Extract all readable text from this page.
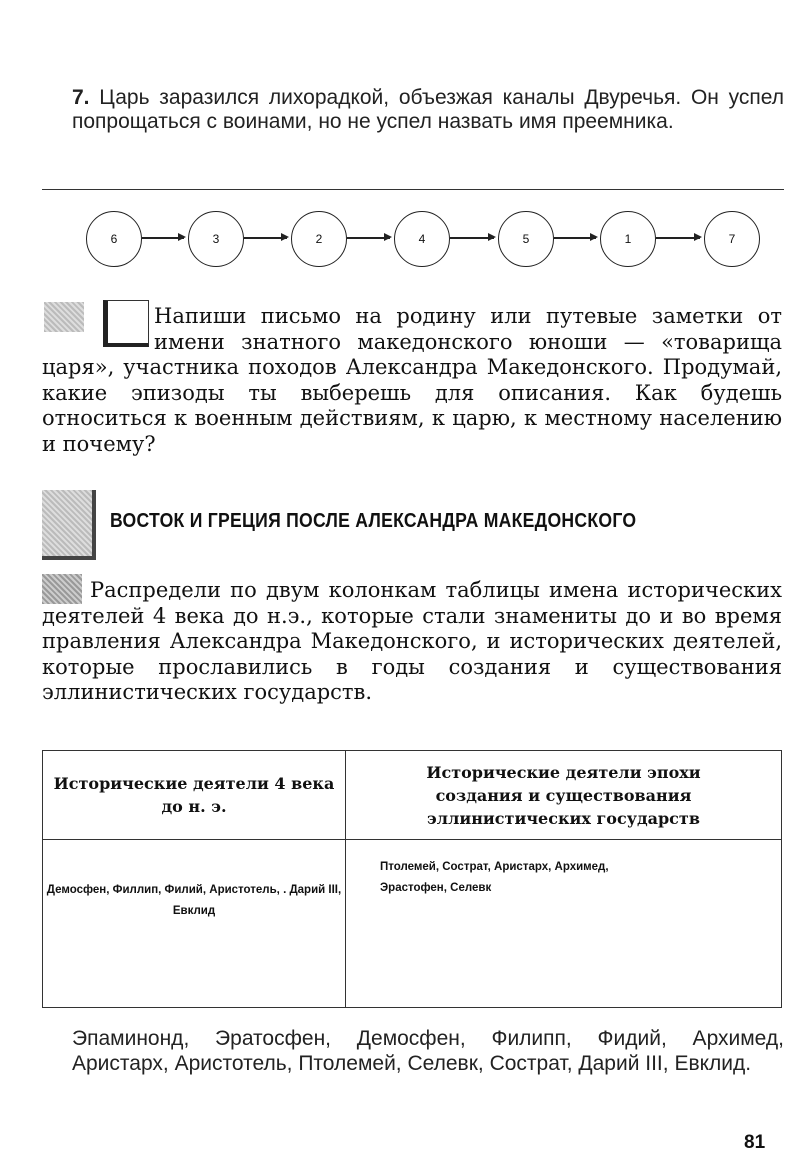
7. Царь заразился лихорадкой, объезжая каналы Двуречья. Он успел попрощаться с воинами, но не успел назвать имя преемника.
6	3	2	4	5	1	7
Напиши письмо на родину или путевые заметки от имени знатного македонского юноши — «товарища царя», участника походов Александра Македонского. Продумай, какие эпизоды ты выберешь для описания. Как будешь относиться к военным действиям, к царю, к местному населению и почему?
ВОСТОК И ГРЕЦИЯ ПОСЛЕ АЛЕКСАНДРА МАКЕДОНСКОГО
Распредели по двум колонкам таблицы имена исторических деятелей 4 века до н.э., которые стали знамениты до и во время правления Александра Македонского, и исторических деятелей, которые прославились в годы создания и существования эллинистических государств.
Исторические деятели 4 века до н. э.	Исторические деятели эпохи создания и существования эллинистических государств
Демосфен, Филлип, Филий, Аристотель, . Дарий III, Евклид	Птолемей, Сострат, Аристарх, Архимед, Эрастофен, Селевк
Эпаминонд, Эратосфен, Демосфен, Филипп, Фидий, Архимед, Аристарх, Аристотель, Птолемей, Селевк, Сострат, Дарий III, Евклид.
81
